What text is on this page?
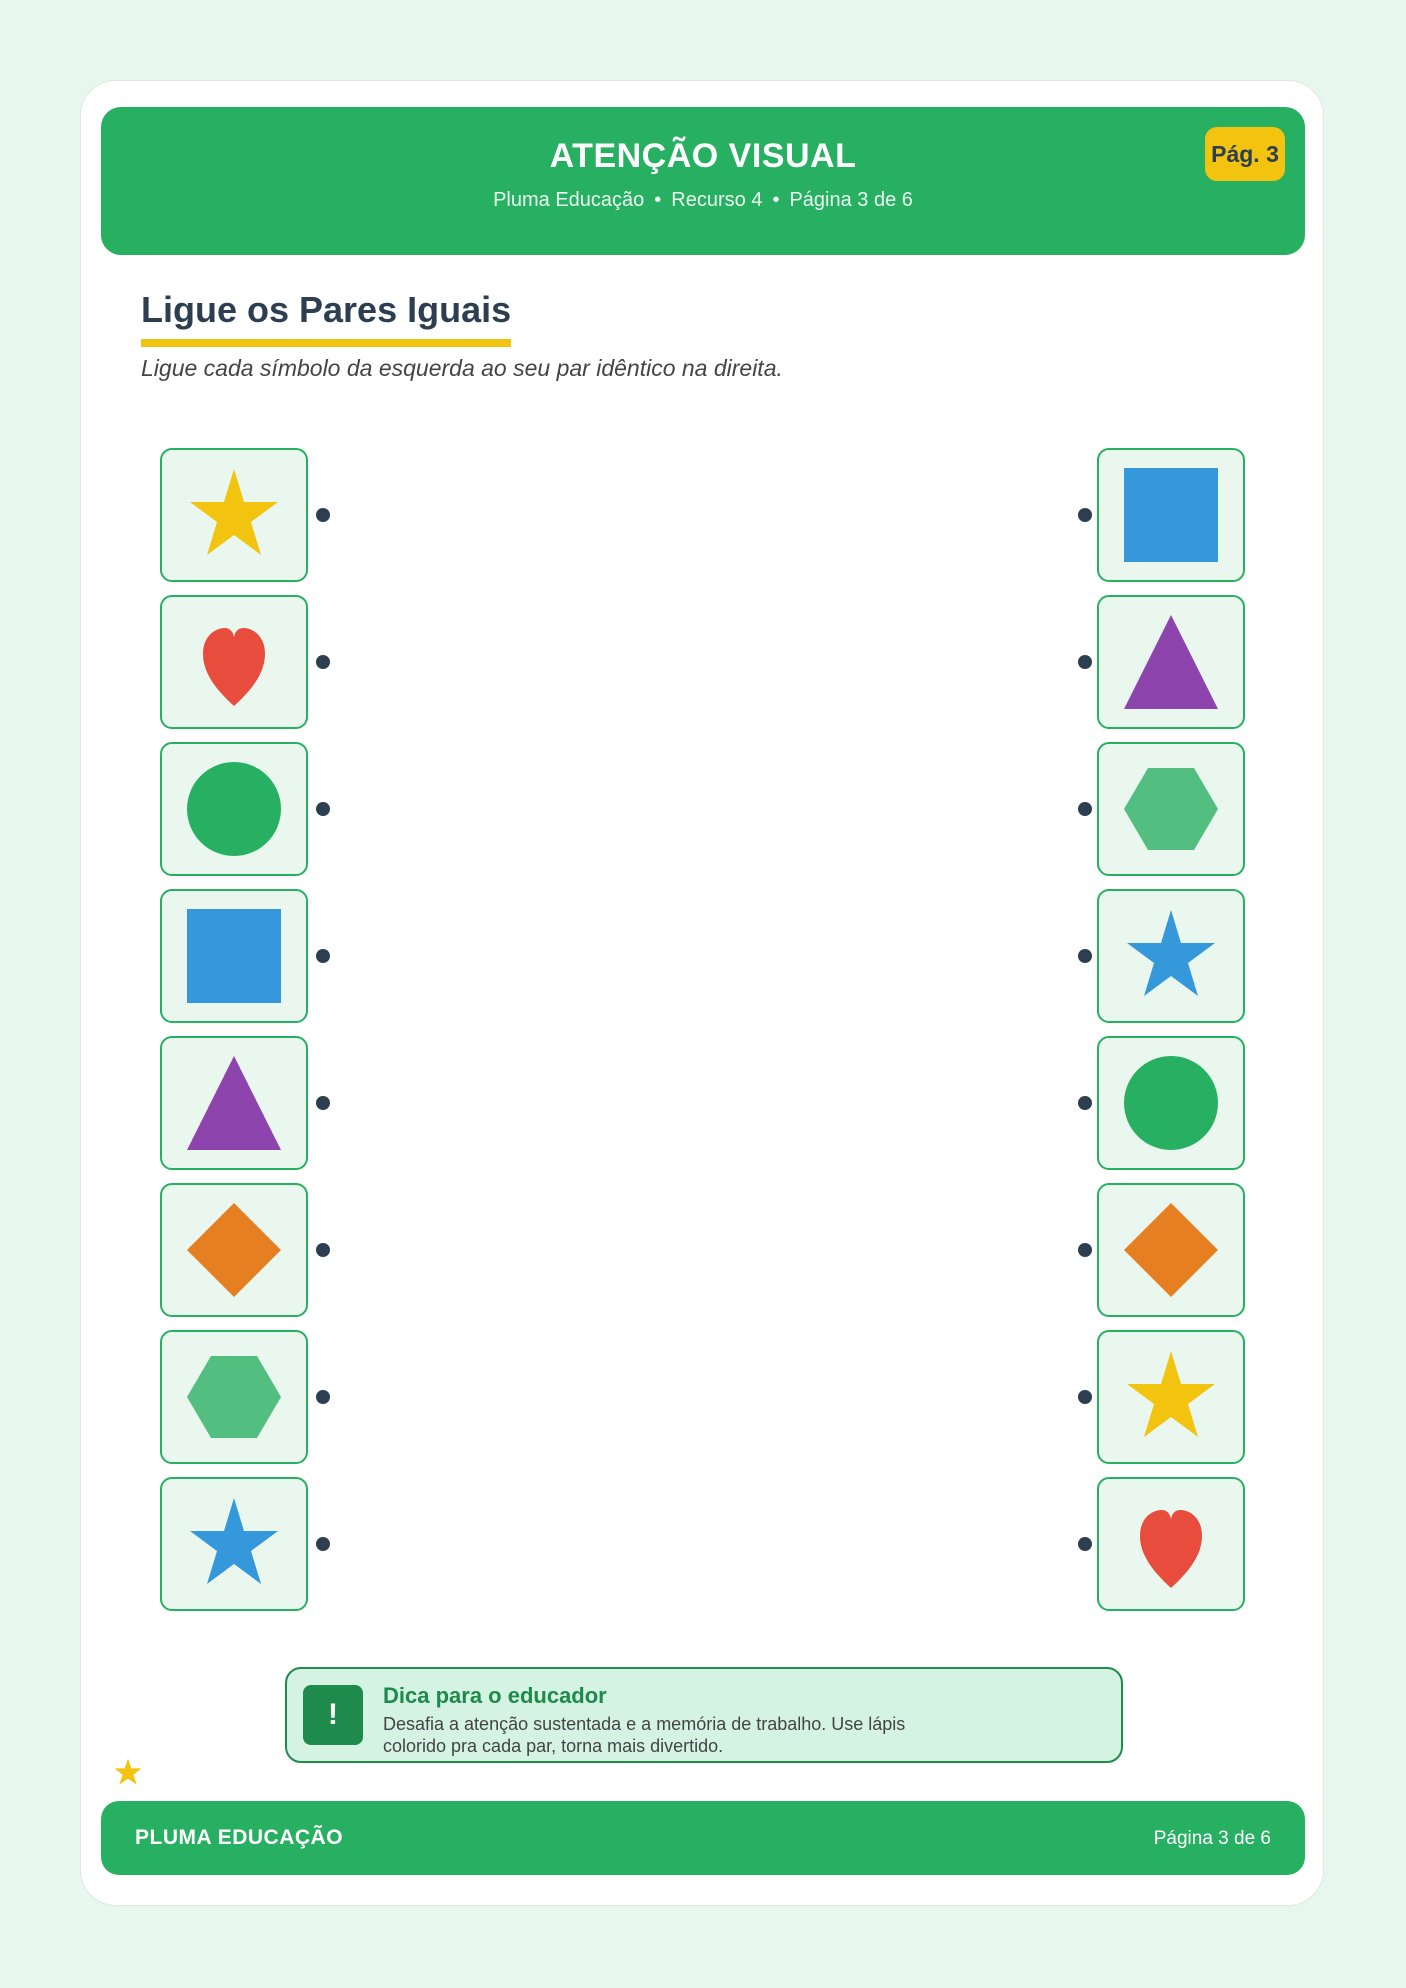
ATENÇÃO VISUAL
Pluma Educação • Recurso 4 • Página 3 de 6
Pág. 3
Ligue os Pares Iguais
Ligue cada símbolo da esquerda ao seu par idêntico na direita.
!
Dica para o educador
Desafia a atenção sustentada e a memória de trabalho. Use lápis colorido pra cada par, torna mais divertido.
PLUMA EDUCAÇÃO	Página 3 de 6
